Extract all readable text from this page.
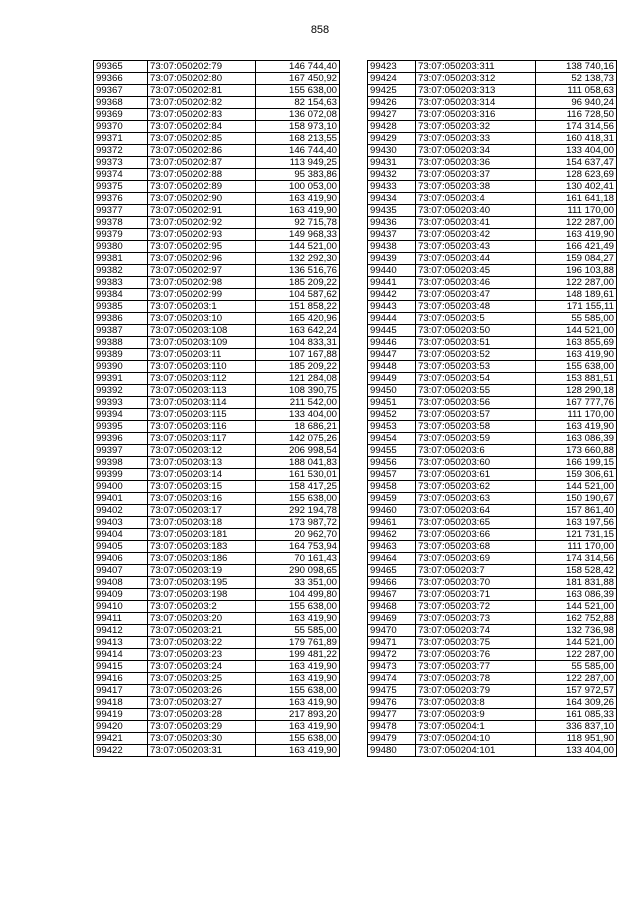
858
99365	73:07:050202:79	146 744,40
99366	73:07:050202:80	167 450,92
99367	73:07:050202:81	155 638,00
99368	73:07:050202:82	82 154,63
99369	73:07:050202:83	136 072,08
99370	73:07:050202:84	158 973,10
99371	73:07:050202:85	168 213,55
99372	73:07:050202:86	146 744,40
99373	73:07:050202:87	113 949,25
99374	73:07:050202:88	95 383,86
99375	73:07:050202:89	100 053,00
99376	73:07:050202:90	163 419,90
99377	73:07:050202:91	163 419,90
99378	73:07:050202:92	92 715,78
99379	73:07:050202:93	149 968,33
99380	73:07:050202:95	144 521,00
99381	73:07:050202:96	132 292,30
99382	73:07:050202:97	136 516,76
99383	73:07:050202:98	185 209,22
99384	73:07:050202:99	104 587,62
99385	73:07:050203:1	151 858,22
99386	73:07:050203:10	165 420,96
99387	73:07:050203:108	163 642,24
99388	73:07:050203:109	104 833,31
99389	73:07:050203:11	107 167,88
99390	73:07:050203:110	185 209,22
99391	73:07:050203:112	121 284,08
99392	73:07:050203:113	108 390,75
99393	73:07:050203:114	211 542,00
99394	73:07:050203:115	133 404,00
99395	73:07:050203:116	18 686,21
99396	73:07:050203:117	142 075,26
99397	73:07:050203:12	206 998,54
99398	73:07:050203:13	188 041,83
99399	73:07:050203:14	161 530,01
99400	73:07:050203:15	158 417,25
99401	73:07:050203:16	155 638,00
99402	73:07:050203:17	292 194,78
99403	73:07:050203:18	173 987,72
99404	73:07:050203:181	20 962,70
99405	73:07:050203:183	164 753,94
99406	73:07:050203:186	70 161,43
99407	73:07:050203:19	290 098,65
99408	73:07:050203:195	33 351,00
99409	73:07:050203:198	104 499,80
99410	73:07:050203:2	155 638,00
99411	73:07:050203:20	163 419,90
99412	73:07:050203:21	55 585,00
99413	73:07:050203:22	179 761,89
99414	73:07:050203:23	199 481,22
99415	73:07:050203:24	163 419,90
99416	73:07:050203:25	163 419,90
99417	73:07:050203:26	155 638,00
99418	73:07:050203:27	163 419,90
99419	73:07:050203:28	217 893,20
99420	73:07:050203:29	163 419,90
99421	73:07:050203:30	155 638,00
99422	73:07:050203:31	163 419,90
99423	73:07:050203:311	138 740,16
99424	73:07:050203:312	52 138,73
99425	73:07:050203:313	111 058,63
99426	73:07:050203:314	96 940,24
99427	73:07:050203:316	116 728,50
99428	73:07:050203:32	174 314,56
99429	73:07:050203:33	160 418,31
99430	73:07:050203:34	133 404,00
99431	73:07:050203:36	154 637,47
99432	73:07:050203:37	128 623,69
99433	73:07:050203:38	130 402,41
99434	73:07:050203:4	161 641,18
99435	73:07:050203:40	111 170,00
99436	73:07:050203:41	122 287,00
99437	73:07:050203:42	163 419,90
99438	73:07:050203:43	166 421,49
99439	73:07:050203:44	159 084,27
99440	73:07:050203:45	196 103,88
99441	73:07:050203:46	122 287,00
99442	73:07:050203:47	148 189,61
99443	73:07:050203:48	171 155,11
99444	73:07:050203:5	55 585,00
99445	73:07:050203:50	144 521,00
99446	73:07:050203:51	163 855,69
99447	73:07:050203:52	163 419,90
99448	73:07:050203:53	155 638,00
99449	73:07:050203:54	153 881,51
99450	73:07:050203:55	128 290,18
99451	73:07:050203:56	167 777,76
99452	73:07:050203:57	111 170,00
99453	73:07:050203:58	163 419,90
99454	73:07:050203:59	163 086,39
99455	73:07:050203:6	173 660,88
99456	73:07:050203:60	166 199,15
99457	73:07:050203:61	159 306,61
99458	73:07:050203:62	144 521,00
99459	73:07:050203:63	150 190,67
99460	73:07:050203:64	157 861,40
99461	73:07:050203:65	163 197,56
99462	73:07:050203:66	121 731,15
99463	73:07:050203:68	111 170,00
99464	73:07:050203:69	174 314,56
99465	73:07:050203:7	158 528,42
99466	73:07:050203:70	181 831,88
99467	73:07:050203:71	163 086,39
99468	73:07:050203:72	144 521,00
99469	73:07:050203:73	162 752,88
99470	73:07:050203:74	132 736,98
99471	73:07:050203:75	144 521,00
99472	73:07:050203:76	122 287,00
99473	73:07:050203:77	55 585,00
99474	73:07:050203:78	122 287,00
99475	73:07:050203:79	157 972,57
99476	73:07:050203:8	164 309,26
99477	73:07:050203:9	161 085,33
99478	73:07:050204:1	336 837,10
99479	73:07:050204:10	118 951,90
99480	73:07:050204:101	133 404,00
